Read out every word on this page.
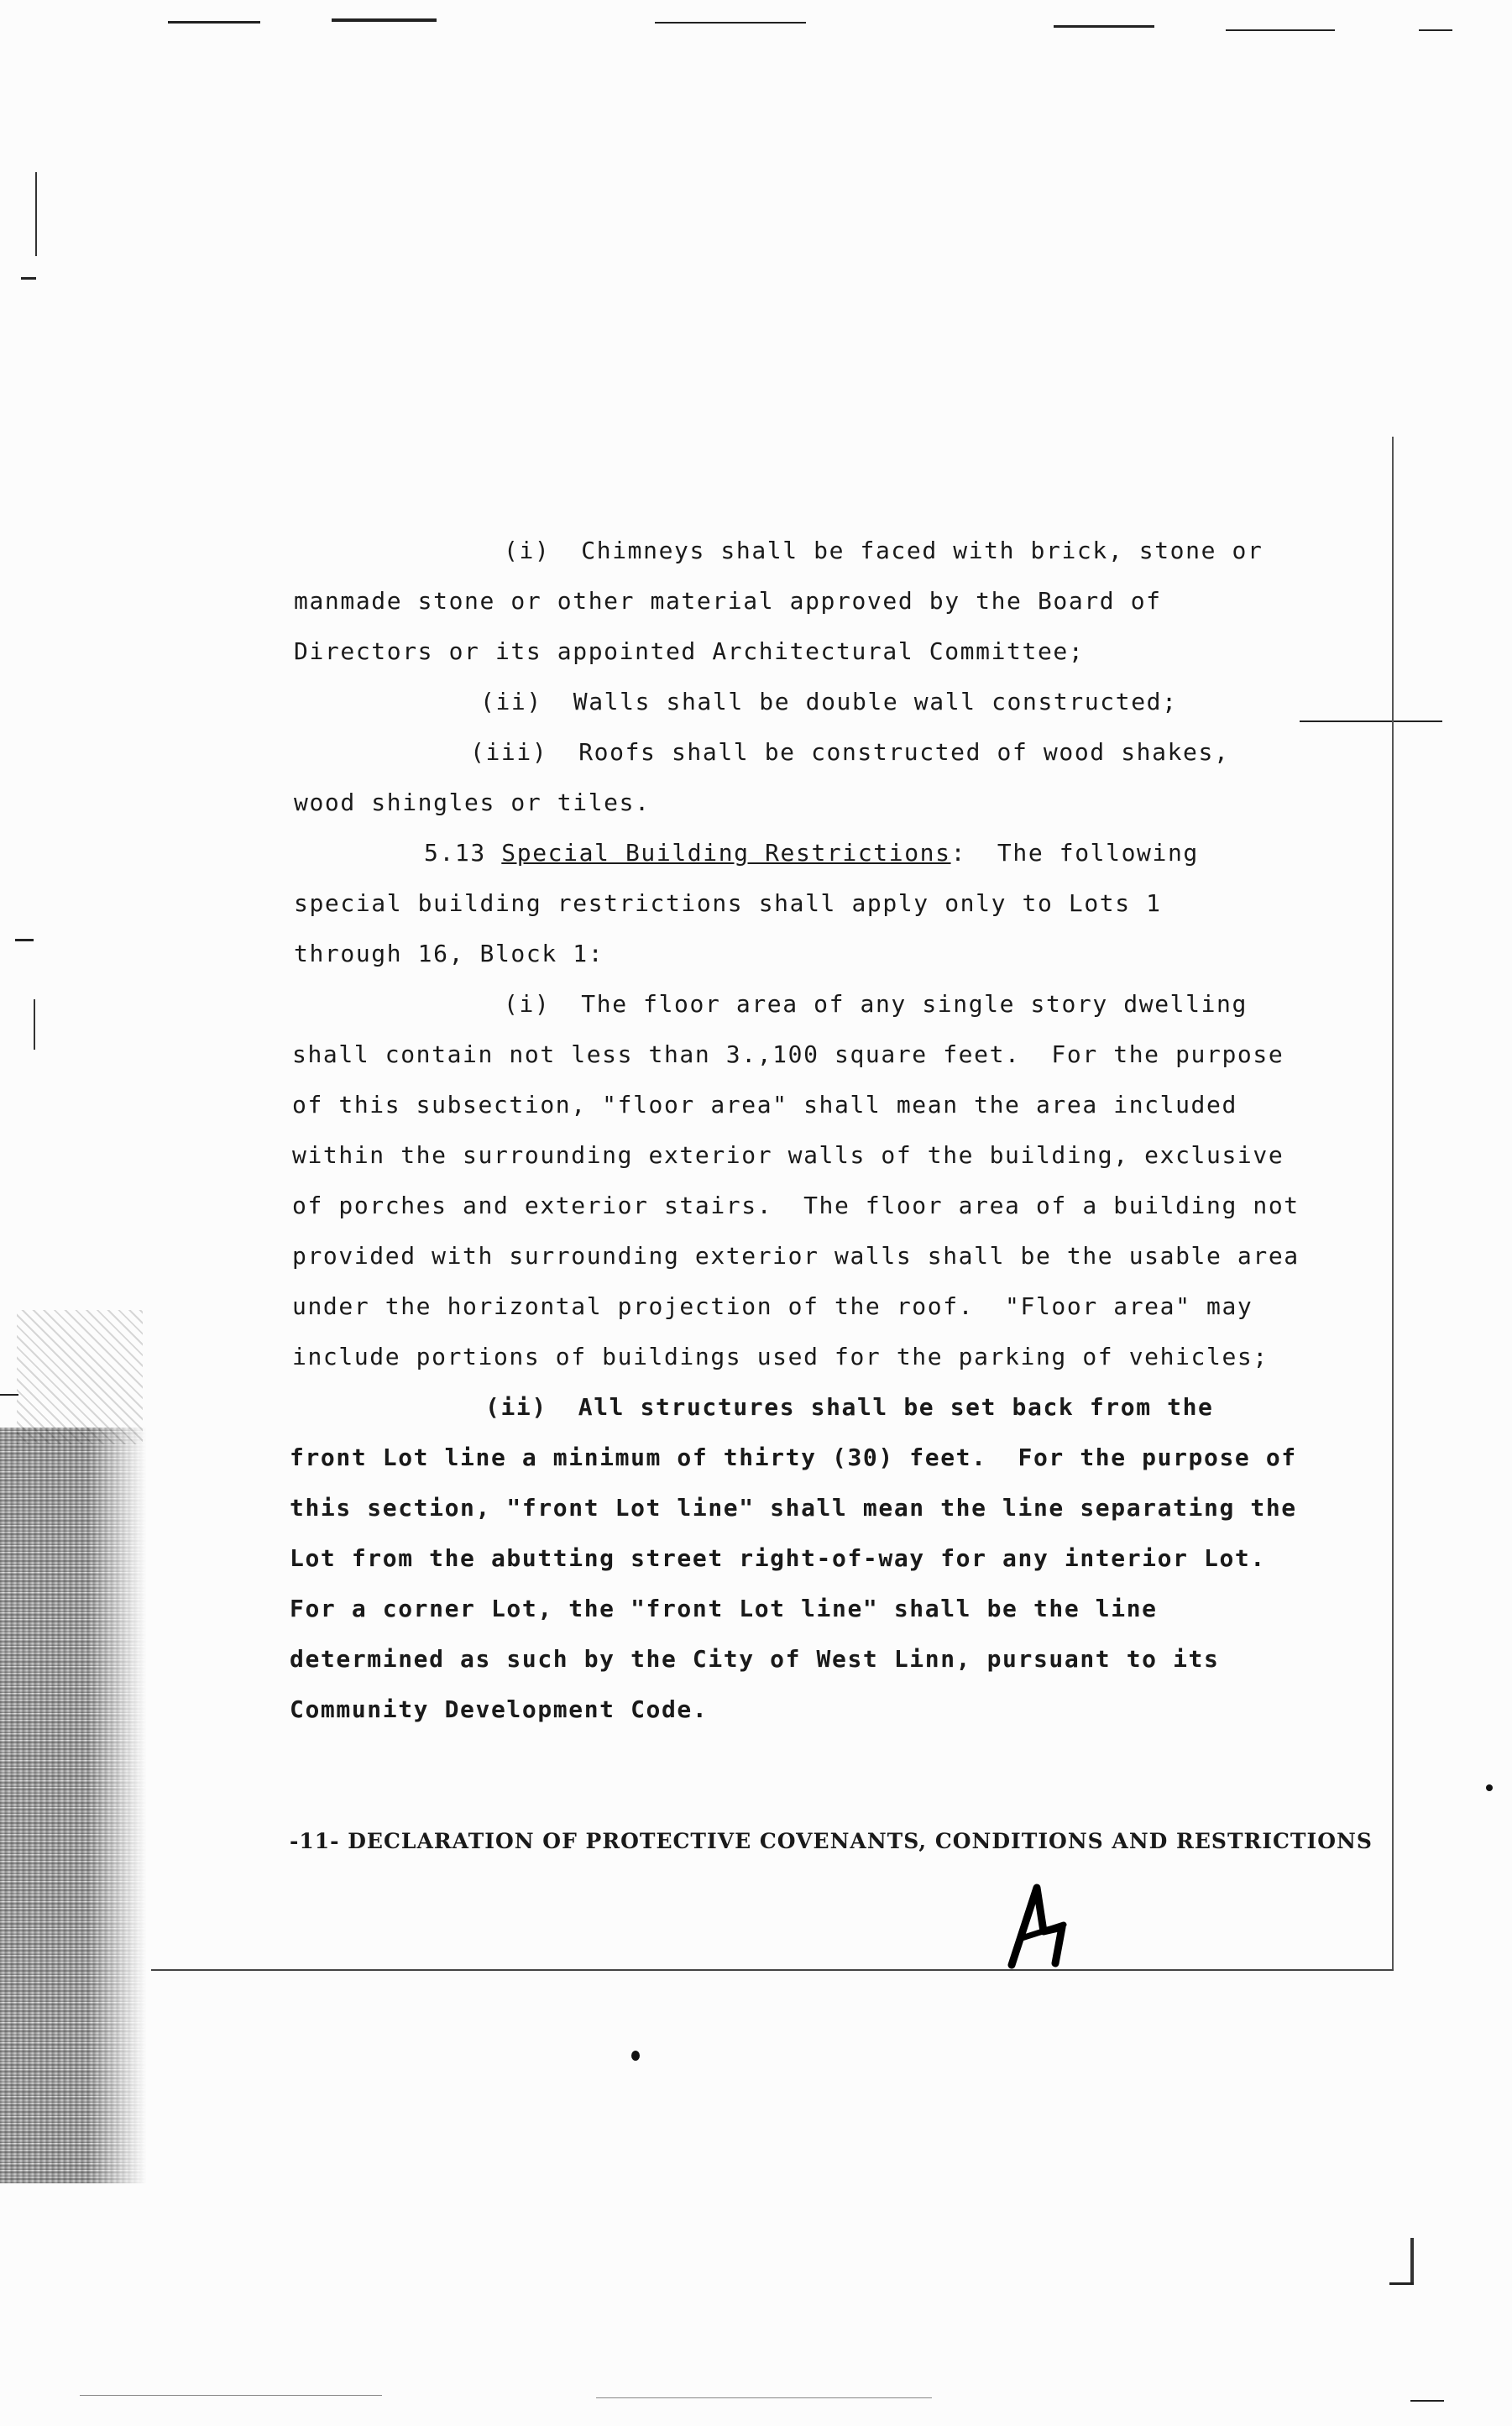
(i)  Chimneys shall be faced with brick, stone or
manmade stone or other material approved by the Board of
Directors or its appointed Architectural Committee;
(ii)  Walls shall be double wall constructed;
(iii)  Roofs shall be constructed of wood shakes,
wood shingles or tiles.
5.13 Special Building Restrictions:  The following
special building restrictions shall apply only to Lots 1
through 16, Block 1:
(i)  The floor area of any single story dwelling
shall contain not less than 3.,100 square feet.  For the purpose
of this subsection, "floor area" shall mean the area included
within the surrounding exterior walls of the building, exclusive
of porches and exterior stairs.  The floor area of a building not
provided with surrounding exterior walls shall be the usable area
under the horizontal projection of the roof.  "Floor area" may
include portions of buildings used for the parking of vehicles;
(ii)  All structures shall be set back from the
front Lot line a minimum of thirty (30) feet.  For the purpose of
this section, "front Lot line" shall mean the line separating the
Lot from the abutting street right-of-way for any interior Lot.
For a corner Lot, the "front Lot line" shall be the line
determined as such by the City of West Linn, pursuant to its
Community Development Code.
-11- DECLARATION OF PROTECTIVE COVENANTS, CONDITIONS AND RESTRICTIONS
